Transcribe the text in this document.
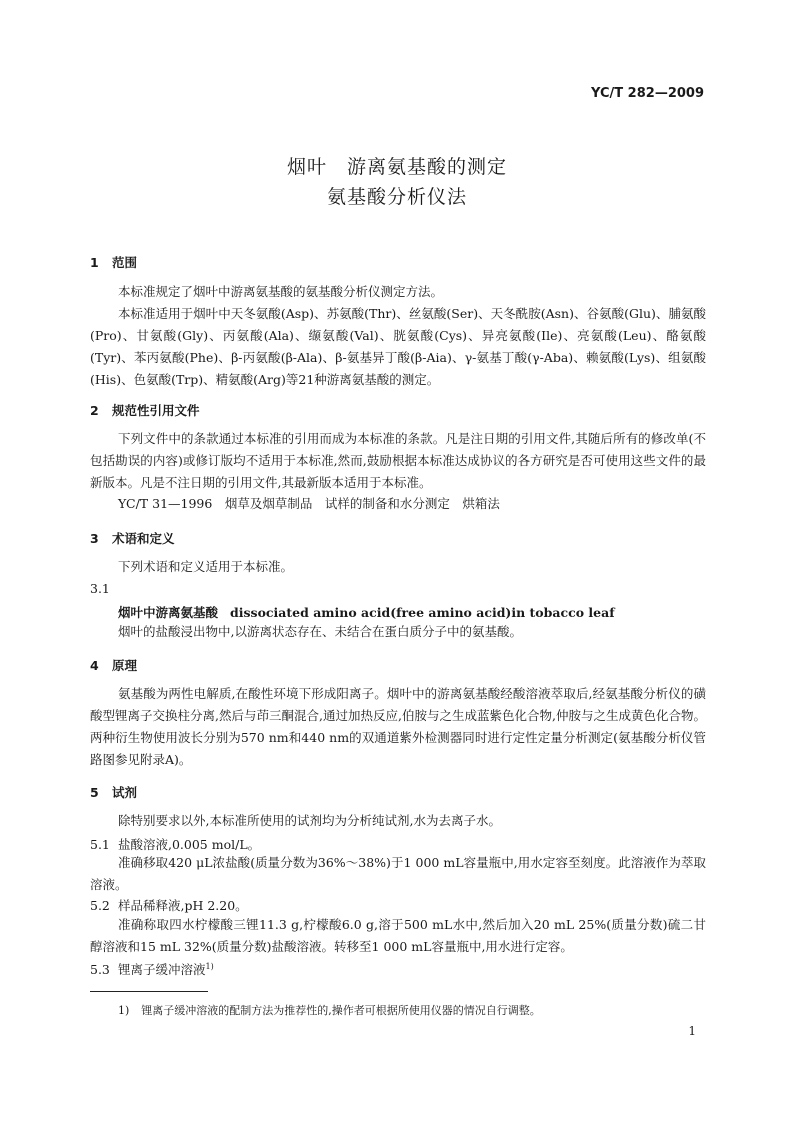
YC/T 282—2009
烟叶　游离氨基酸的测定
氨基酸分析仪法
1 范围
本标准规定了烟叶中游离氨基酸的氨基酸分析仪测定方法。
本标准适用于烟叶中天冬氨酸(Asp)、苏氨酸(Thr)、丝氨酸(Ser)、天冬酰胺(Asn)、谷氨酸(Glu)、脯氨酸(Pro)、甘氨酸(Gly)、丙氨酸(Ala)、缬氨酸(Val)、胱氨酸(Cys)、异亮氨酸(Ile)、亮氨酸(Leu)、酪氨酸(Tyr)、苯丙氨酸(Phe)、β-丙氨酸(β-Ala)、β-氨基异丁酸(β-Aia)、γ-氨基丁酸(γ-Aba)、赖氨酸(Lys)、组氨酸(His)、色氨酸(Trp)、精氨酸(Arg)等21种游离氨基酸的测定。
2 规范性引用文件
下列文件中的条款通过本标准的引用而成为本标准的条款。凡是注日期的引用文件,其随后所有的修改单(不包括勘误的内容)或修订版均不适用于本标准,然而,鼓励根据本标准达成协议的各方研究是否可使用这些文件的最新版本。凡是不注日期的引用文件,其最新版本适用于本标准。
YC/T 31—1996　烟草及烟草制品　试样的制备和水分测定　烘箱法
3 术语和定义
下列术语和定义适用于本标准。
3.1
烟叶中游离氨基酸 dissociated amino acid(free amino acid)in tobacco leaf
烟叶的盐酸浸出物中,以游离状态存在、未结合在蛋白质分子中的氨基酸。
4 原理
氨基酸为两性电解质,在酸性环境下形成阳离子。烟叶中的游离氨基酸经酸溶液萃取后,经氨基酸分析仪的磺酸型锂离子交换柱分离,然后与茚三酮混合,通过加热反应,伯胺与之生成蓝紫色化合物,仲胺与之生成黄色化合物。两种衍生物使用波长分别为570 nm和440 nm的双通道紫外检测器同时进行定性定量分析测定(氨基酸分析仪管路图参见附录A)。
5 试剂
除特别要求以外,本标准所使用的试剂均为分析纯试剂,水为去离子水。
5.1 盐酸溶液,0.005 mol/L。
准确移取420 μL浓盐酸(质量分数为36%～38%)于1 000 mL容量瓶中,用水定容至刻度。此溶液作为萃取溶液。
5.2 样品稀释液,pH 2.20。
准确称取四水柠檬酸三锂11.3 g,柠檬酸6.0 g,溶于500 mL水中,然后加入20 mL 25%(质量分数)硫二甘醇溶液和15 mL 32%(质量分数)盐酸溶液。转移至1 000 mL容量瓶中,用水进行定容。
5.3 锂离子缓冲溶液$^{1)}$
1) 锂离子缓冲溶液的配制方法为推荐性的,操作者可根据所使用仪器的情况自行调整。
1
